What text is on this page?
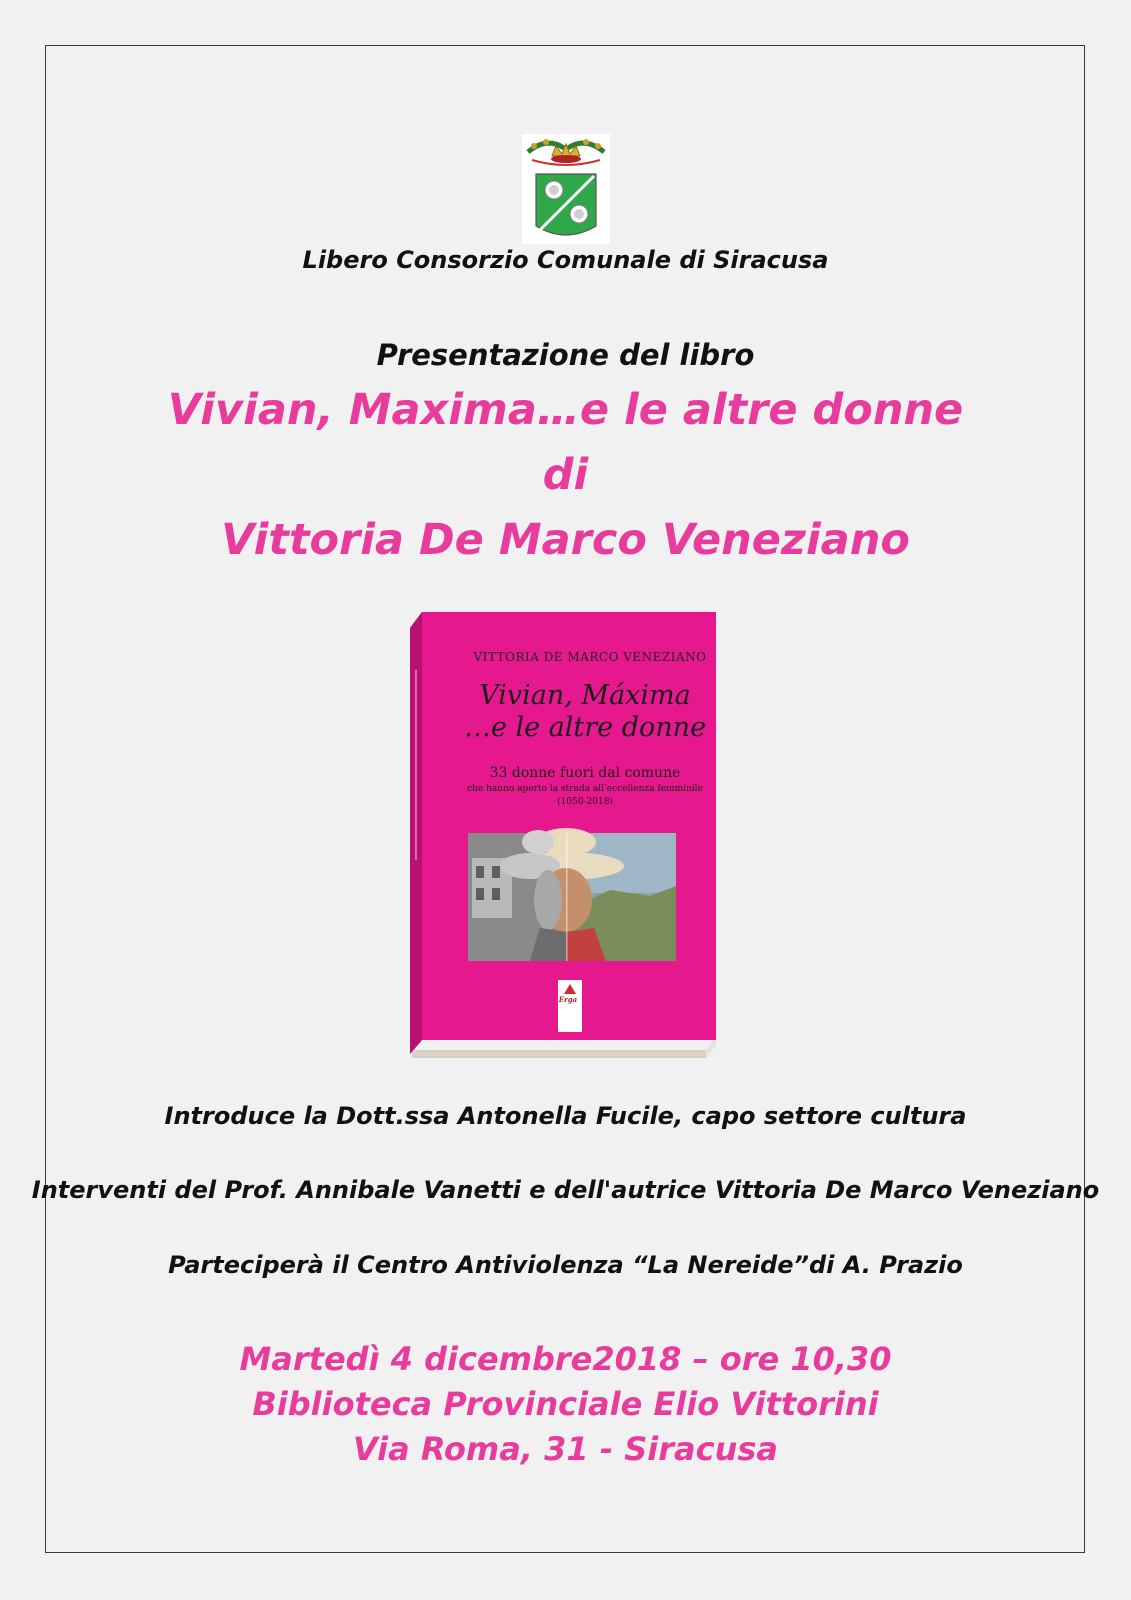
Libero Consorzio Comunale di Siracusa
Presentazione del libro
Vivian, Maxima…e le altre donne
di
Vittoria De Marco Veneziano
VITTORIA DE MARCO VENEZIANO
Vivian, Máxima
…e le altre donne
33 donne fuori dal comune
che hanno aperto la strada all’eccellenza femminile
(1050-2018)
Erga
Introduce la Dott.ssa Antonella Fucile, capo settore cultura
Interventi del Prof. Annibale Vanetti e dell'autrice Vittoria De Marco Veneziano
Parteciperà il Centro Antiviolenza “La Nereide”di A. Prazio
Martedì 4 dicembre2018 – ore 10,30
Biblioteca Provinciale Elio Vittorini
Via Roma, 31 - Siracusa
